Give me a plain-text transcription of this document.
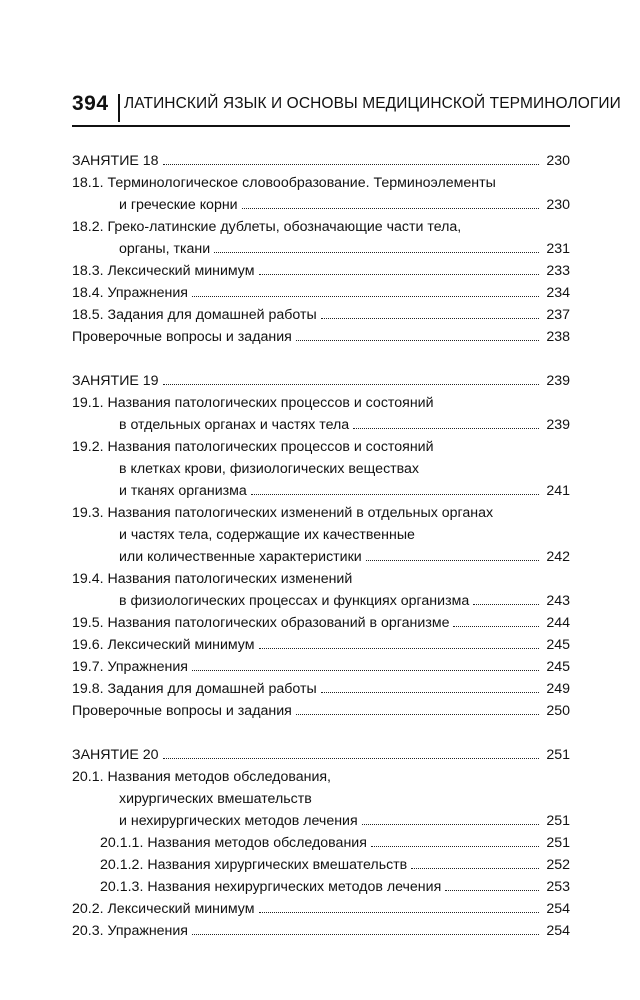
394 ЛАТИНСКИЙ ЯЗЫК И ОСНОВЫ МЕДИЦИНСКОЙ ТЕРМИНОЛОГИИ
ЗАНЯТИЕ 18	230
18.1. Терминологическое словообразование. Терминоэлементы
и греческие корни	230
18.2. Греко-латинские дублеты, обозначающие части тела,
органы, ткани	231
18.3. Лексический минимум	233
18.4. Упражнения	234
18.5. Задания для домашней работы	237
Проверочные вопросы и задания	238
ЗАНЯТИЕ 19	239
19.1. Названия патологических процессов и состояний
в отдельных органах и частях тела	239
19.2. Названия патологических процессов и состояний
в клетках крови, физиологических веществах
и тканях организма	241
19.3. Названия патологических изменений в отдельных органах
и частях тела, содержащие их качественные
или количественные характеристики	242
19.4. Названия патологических изменений
в физиологических процессах и функциях организма	243
19.5. Названия патологических образований в организме	244
19.6. Лексический минимум	245
19.7. Упражнения	245
19.8. Задания для домашней работы	249
Проверочные вопросы и задания	250
ЗАНЯТИЕ 20	251
20.1. Названия методов обследования,
хирургических вмешательств
и нехирургических методов лечения	251
20.1.1. Названия методов обследования	251
20.1.2. Названия хирургических вмешательств	252
20.1.3. Названия нехирургических методов лечения	253
20.2. Лексический минимум	254
20.3. Упражнения	254
